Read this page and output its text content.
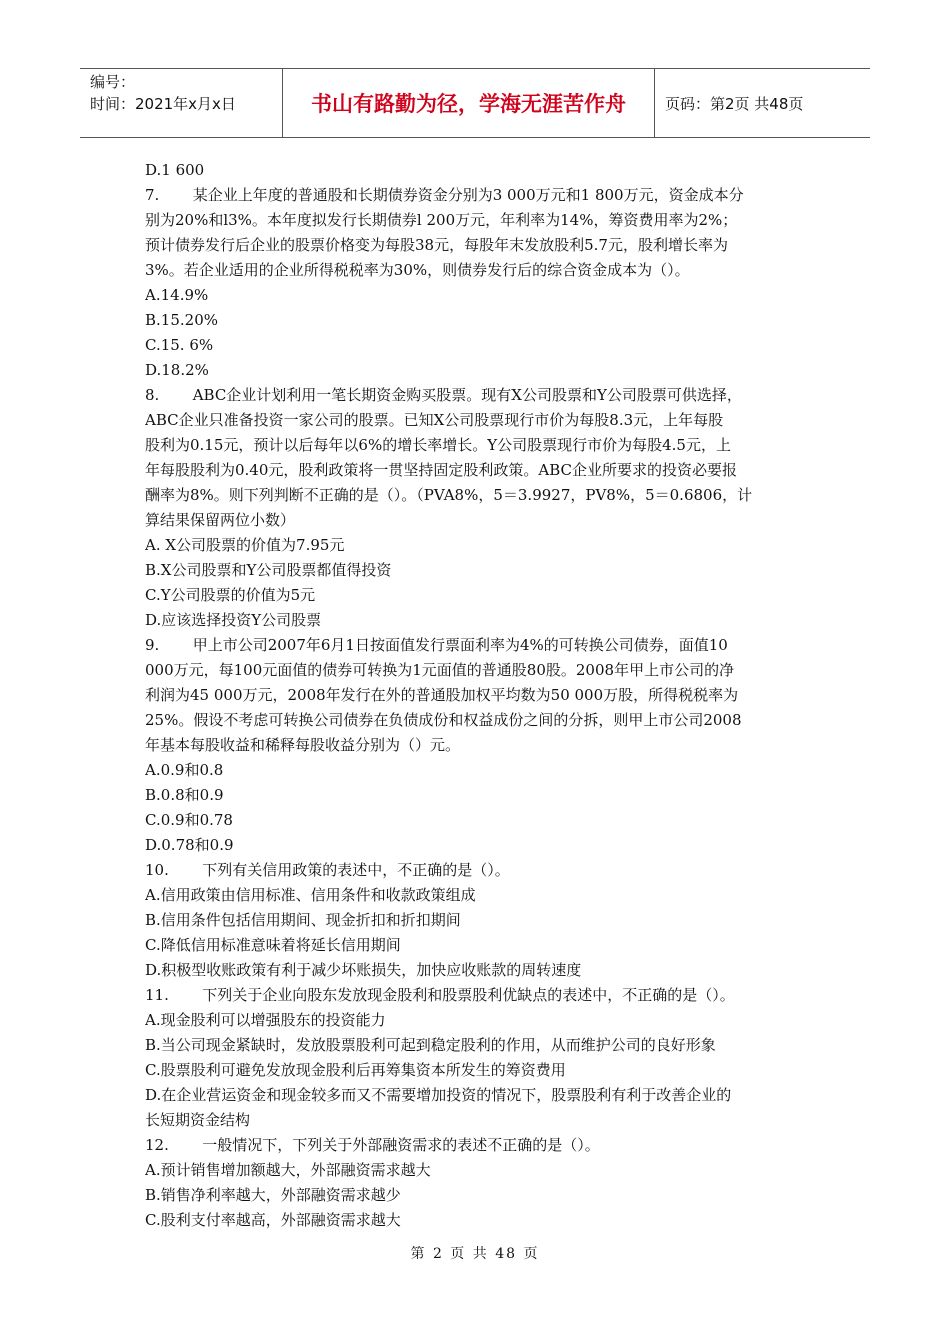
编号：
时间：2021年x月x日	书山有路勤为径，学海无涯苦作舟	页码：第2页 共48页
D.1 600
7.       某企业上年度的普通股和长期债券资金分别为3 000万元和1 800万元，资金成本分
别为20%和l3%。本年度拟发行长期债券l 200万元，年利率为14%，筹资费用率为2%；
预计债券发行后企业的股票价格变为每股38元，每股年末发放股利5.7元，股利增长率为
3%。若企业适用的企业所得税税率为30%，则债券发行后的综合资金成本为（）。
A.14.9%
B.15.20%
C.15. 6%
D.18.2%
8.       ABC企业计划利用一笔长期资金购买股票。现有X公司股票和Y公司股票可供选择，
ABC企业只准备投资一家公司的股票。已知X公司股票现行市价为每股8.3元，上年每股
股利为0.15元，预计以后每年以6%的增长率增长。Y公司股票现行市价为每股4.5元，上
年每股股利为0.40元，股利政策将一贯坚持固定股利政策。ABC企业所要求的投资必要报
酬率为8%。则下列判断不正确的是（）。（PVA8%，5＝3.9927，PV8%，5＝0.6806，计
算结果保留两位小数）
A. X公司股票的价值为7.95元
B.X公司股票和Y公司股票都值得投资
C.Y公司股票的价值为5元
D.应该选择投资Y公司股票
9.       甲上市公司2007年6月1日按面值发行票面利率为4%的可转换公司债券，面值10
000万元，每100元面值的债券可转换为1元面值的普通股80股。2008年甲上市公司的净
利润为45 000万元，2008年发行在外的普通股加权平均数为50 000万股，所得税税率为
25%。假设不考虑可转换公司债券在负债成份和权益成份之间的分拆，则甲上市公司2008
年基本每股收益和稀释每股收益分别为（）元。
A.0.9和0.8
B.0.8和0.9
C.0.9和0.78
D.0.78和0.9
10.       下列有关信用政策的表述中，不正确的是（）。
A.信用政策由信用标准、信用条件和收款政策组成
B.信用条件包括信用期间、现金折扣和折扣期间
C.降低信用标准意味着将延长信用期间
D.积极型收账政策有利于减少坏账损失，加快应收账款的周转速度
11.       下列关于企业向股东发放现金股利和股票股利优缺点的表述中，不正确的是（）。
A.现金股利可以增强股东的投资能力
B.当公司现金紧缺时，发放股票股利可起到稳定股利的作用，从而维护公司的良好形象
C.股票股利可避免发放现金股利后再筹集资本所发生的筹资费用
D.在企业营运资金和现金较多而又不需要增加投资的情况下，股票股利有利于改善企业的
长短期资金结构
12.       一般情况下，下列关于外部融资需求的表述不正确的是（）。
A.预计销售增加额越大，外部融资需求越大
B.销售净利率越大，外部融资需求越少
C.股利支付率越高，外部融资需求越大
第 2 页 共 48 页
